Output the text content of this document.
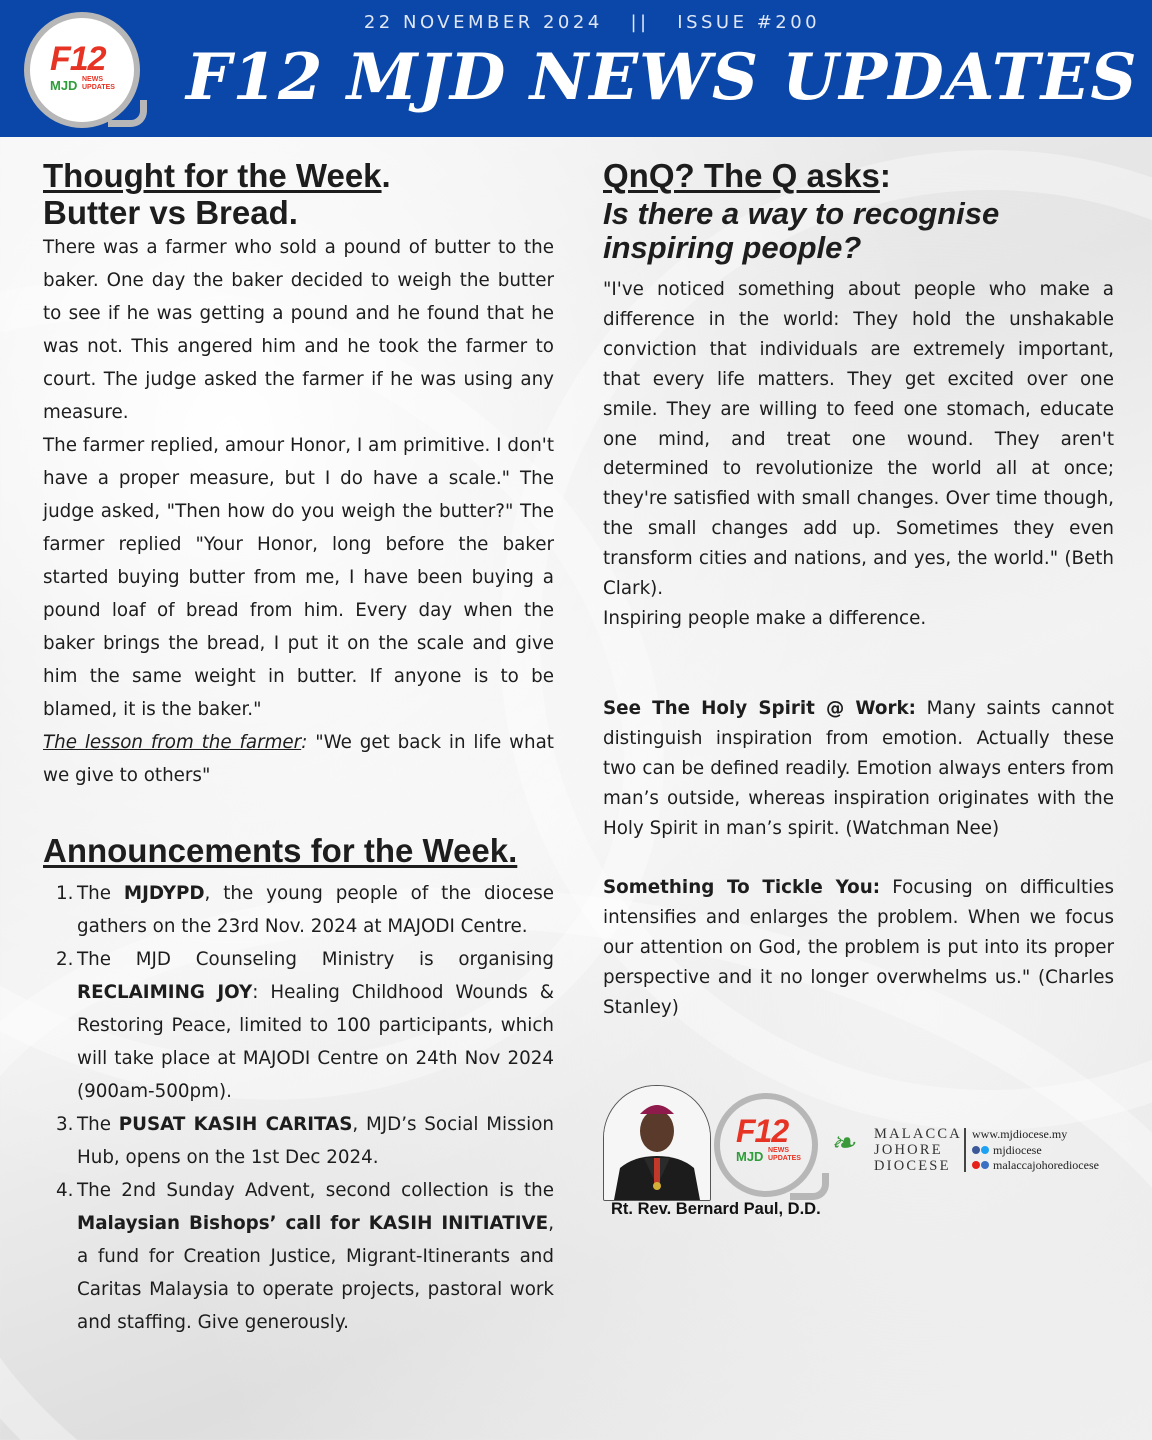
F12
MJD NEWS
UPDATES
22 NOVEMBER 2024 || ISSUE #200
F12 MJD NEWS UPDATES
Thought for the Week.
Butter vs Bread.

There was a farmer who sold a pound of butter to the baker. One day the baker decided to weigh the butter to see if he was getting a pound and he found that he was not. This angered him and he took the farmer to court. The judge asked the farmer if he was using any measure.

The farmer replied, amour Honor, I am primitive. I don't have a proper measure, but I do have a scale." The judge asked, "Then how do you weigh the butter?" The farmer replied "Your Honor, long before the baker started buying butter from me, I have been buying a pound loaf of bread from him. Every day when the baker brings the bread, I put it on the scale and give him the same weight in butter. If anyone is to be blamed, it is the baker."

The lesson from the farmer: "We get back in life what we give to others"

Announcements for the Week.
1. The MJDYPD, the young people of the diocese gathers on the 23rd Nov. 2024 at MAJODI Centre.
2. The MJD Counseling Ministry is organising RECLAIMING JOY: Healing Childhood Wounds & Restoring Peace, limited to 100 participants, which will take place at MAJODI Centre on 24th Nov 2024 (900am-500pm).
3. The PUSAT KASIH CARITAS, MJD’s Social Mission Hub, opens on the 1st Dec 2024.
4. The 2nd Sunday Advent, second collection is the Malaysian Bishops’ call for KASIH INITIATIVE, a fund for Creation Justice, Migrant-Itinerants and Caritas Malaysia to operate projects, pastoral work and staffing. Give generously.
QnQ? The Q asks:
Is there a way to recognise inspiring people?

"I've noticed something about people who make a difference in the world: They hold the unshakable conviction that individuals are extremely important, that every life matters. They get excited over one smile. They are willing to feed one stomach, educate one mind, and treat one wound. They aren't determined to revolutionize the world all at once; they're satisfied with small changes. Over time though, the small changes add up. Sometimes they even transform cities and nations, and yes, the world." (Beth Clark).

Inspiring people make a difference.

See The Holy Spirit @ Work: Many saints cannot distinguish inspiration from emotion. Actually these two can be defined readily. Emotion always enters from man’s outside, whereas inspiration originates with the Holy Spirit in man’s spirit. (Watchman Nee)

Something To Tickle You: Focusing on difficulties intensifies and enlarges the problem. When we focus our attention on God, the problem is put into its proper perspective and it no longer overwhelms us." (Charles Stanley)

Rt. Rev. Bernard Paul, D.D.
F12
MJD NEWS
UPDATES ❧ MALACCA
JOHORE
DIOCESE
www.mjdiocese.my
mjdiocese
malaccajohorediocese
